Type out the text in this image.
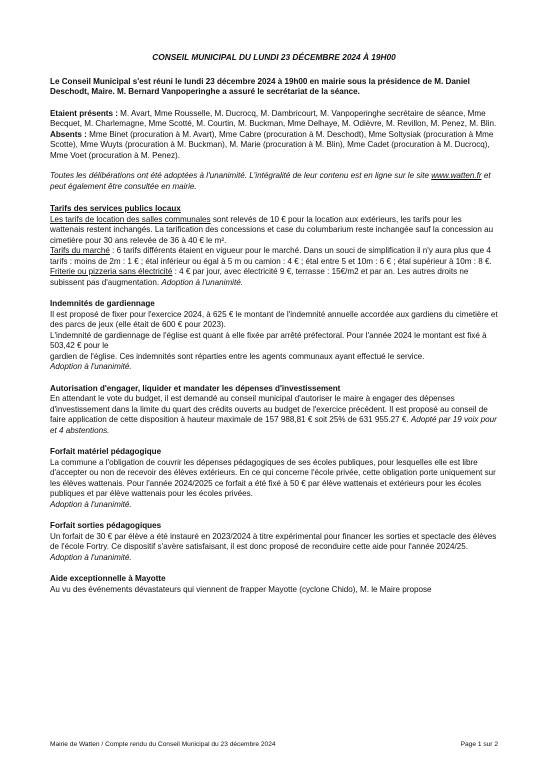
CONSEIL MUNICIPAL DU LUNDI 23 DÉCEMBRE 2024 À 19H00

Le Conseil Municipal s'est réuni le lundi 23 décembre 2024 à 19h00 en mairie sous la présidence de M. Daniel Deschodt, Maire. M. Bernard Vanpoperinghe a assuré le secrétariat de la séance.

Etaient présents : M. Avart, Mme Rousselle, M. Ducrocq, M. Dambricourt, M. Vanpoperinghe secrétaire de séance, Mme Becquet, M. Charlemagne, Mme Scotté, M. Courtin, M. Buckman, Mme Delhaye, M. Odièvre, M. Revillon, M. Penez, M. Blin.

Absents : Mme Binet (procuration à M. Avart), Mme Cabre (procuration à M. Deschodt), Mme Soltysiak (procuration à Mme Scotte), Mme Wuyts (procuration à M. Buckman), M. Marie (procuration à M. Blin), Mme Cadet (procuration à M. Ducrocq), Mme Voet (procuration à M. Penez).

Toutes les délibérations ont été adoptées à l'unanimité. L'intégralité de leur contenu est en ligne sur le site www.watten.fr et peut également être consultée en mairie.

Tarifs des services publics locaux

Les tarifs de location des salles communales sont relevés de 10 € pour la location aux extérieurs, les tarifs pour les wattenais restent inchangés. La tarification des concessions et case du columbarium reste inchangée sauf la concession au cimetière pour 30 ans relevée de 36 à 40 € le m².

Tarifs du marché : 6 tarifs différents étaient en vigueur pour le marché. Dans un souci de simplification il n'y aura plus que 4 tarifs : moins de 2m : 1 € ; étal inférieur ou égal à 5 m ou camion : 4 € ; étal entre 5 et 10m : 6 € ; étal supérieur à 10m : 8 €.

Friterie ou pizzeria sans électricité : 4 € par jour, avec électricité 9 €, terrasse : 15€/m2 et par an. Les autres droits ne subissent pas d'augmentation. Adoption à l'unanimité.

Indemnités de gardiennage

Il est proposé de fixer pour l'exercice 2024, à 625 € le montant de l'indemnité annuelle accordée aux gardiens du cimetière et des parcs de jeux (elle était de 600 € pour 2023).

L'indemnité de gardiennage de l'église est quant à elle fixée par arrêté préfectoral. Pour l'année 2024 le montant est fixé à 503,42 € pour le

gardien de l'église. Ces indemnités sont réparties entre les agents communaux ayant effectué le service.

Adoption à l'unanimité.

Autorisation d'engager, liquider et mandater les dépenses d'investissement

En attendant le vote du budget, il est demandé au conseil municipal d'autoriser le maire à engager des dépenses d'investissement dans la limite du quart des crédits ouverts au budget de l'exercice précédent. Il est proposé au conseil de faire application de cette disposition à hauteur maximale de 157 988,81 € soit 25% de 631 955.27 €. Adopté par 19 voix pour et 4 abstentions.

Forfait matériel pédagogique

La commune a l'obligation de couvrir les dépenses pédagogiques de ses écoles publiques, pour lesquelles elle est libre d'accepter ou non de recevoir des élèves extérieurs. En ce qui concerne l'école privée, cette obligation porte uniquement sur les élèves wattenais. Pour l'année 2024/2025 ce forfait a été fixé à 50 € par élève wattenais et extérieurs pour les écoles publiques et par élève wattenais pour les écoles privées.

Adoption à l'unanimité.

Forfait sorties pédagogiques

Un forfait de 30 € par élève a été instauré en 2023/2024 à titre expérimental pour financer les sorties et spectacle des élèves de l'école Fortry. Ce dispositif s'avère satisfaisant, il est donc proposé de reconduire cette aide pour l'année 2024/25. Adoption à l'unanimité.

Aide exceptionnelle à Mayotte

Au vu des événements dévastateurs qui viennent de frapper Mayotte (cyclone Chido), M. le Maire propose

Mairie de Watten / Compte rendu du Conseil Municipal du 23 décembre 2024	Page 1 sur 2
